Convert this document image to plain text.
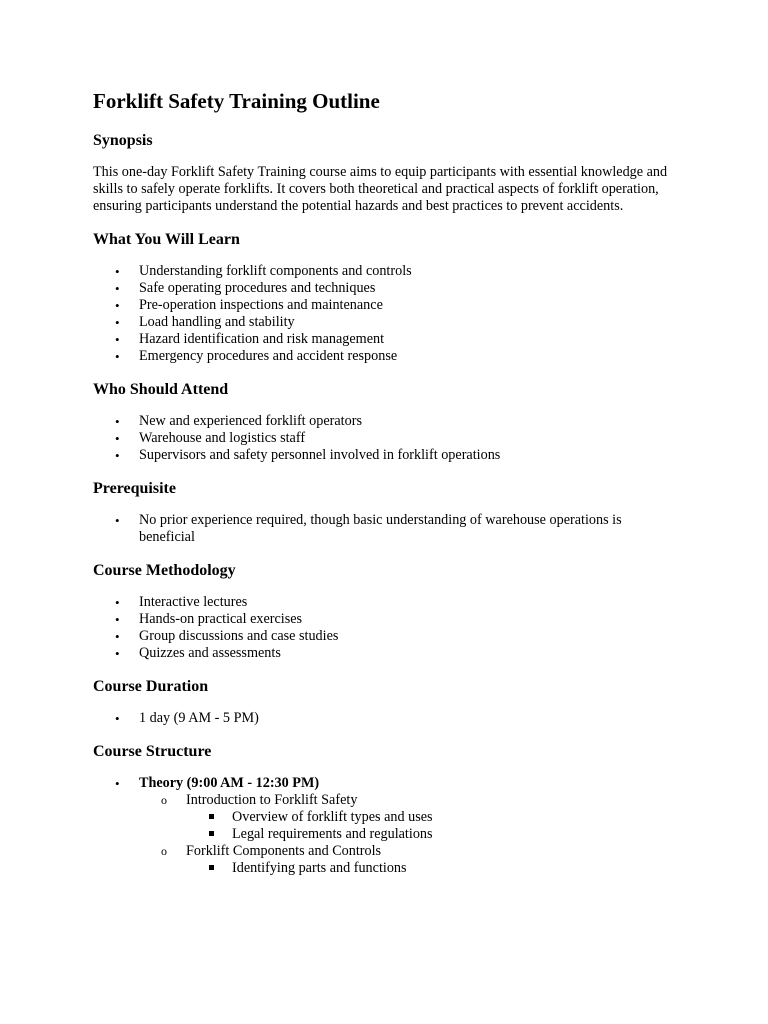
Forklift Safety Training Outline
Synopsis

This one-day Forklift Safety Training course aims to equip participants with essential knowledge and skills to safely operate forklifts. It covers both theoretical and practical aspects of forklift operation, ensuring participants understand the potential hazards and best practices to prevent accidents.

What You Will Learn
• Understanding forklift components and controls
• Safe operating procedures and techniques
• Pre-operation inspections and maintenance
• Load handling and stability
• Hazard identification and risk management
• Emergency procedures and accident response
Who Should Attend
• New and experienced forklift operators
• Warehouse and logistics staff
• Supervisors and safety personnel involved in forklift operations
Prerequisite
• No prior experience required, though basic understanding of warehouse operations is beneficial
Course Methodology
• Interactive lectures
• Hands-on practical exercises
• Group discussions and case studies
• Quizzes and assessments
Course Duration
• 1 day (9 AM - 5 PM)
Course Structure
• Theory (9:00 AM - 12:30 PM)
o Introduction to Forklift Safety
Overview of forklift types and uses
Legal requirements and regulations
o Forklift Components and Controls
Identifying parts and functions
